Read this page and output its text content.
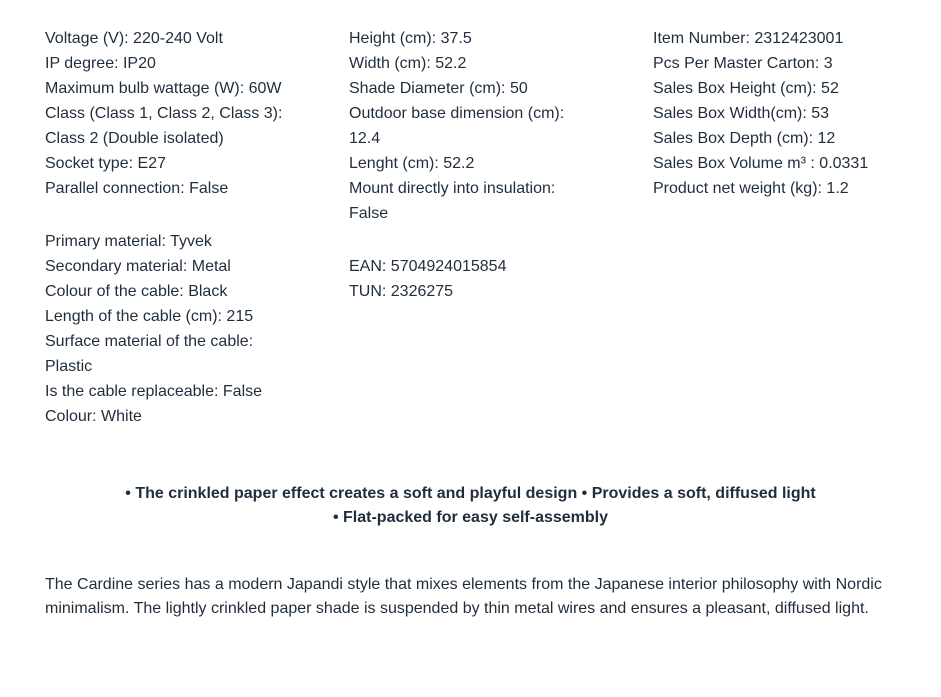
Voltage (V): 220-240 Volt
IP degree: IP20
Maximum bulb wattage (W): 60W
Class (Class 1, Class 2, Class 3):
Class 2 (Double isolated)
Socket type: E27
Parallel connection: False
Primary material: Tyvek
Secondary material: Metal
Colour of the cable: Black
Length of the cable (cm): 215
Surface material of the cable:
Plastic
Is the cable replaceable: False
Colour: White
Height (cm): 37.5
Width (cm): 52.2
Shade Diameter (cm): 50
Outdoor base dimension (cm):
12.4
Lenght (cm): 52.2
Mount directly into insulation:
False
EAN: 5704924015854
TUN: 2326275
Item Number: 2312423001
Pcs Per Master Carton: 3
Sales Box Height (cm): 52
Sales Box Width(cm): 53
Sales Box Depth (cm): 12
Sales Box Volume m³ : 0.0331
Product net weight (kg): 1.2
• The crinkled paper effect creates a soft and playful design • Provides a soft, diffused light
• Flat-packed for easy self-assembly
The Cardine series has a modern Japandi style that mixes elements from the Japanese interior philosophy with Nordic
minimalism. The lightly crinkled paper shade is suspended by thin metal wires and ensures a pleasant, diffused light.
